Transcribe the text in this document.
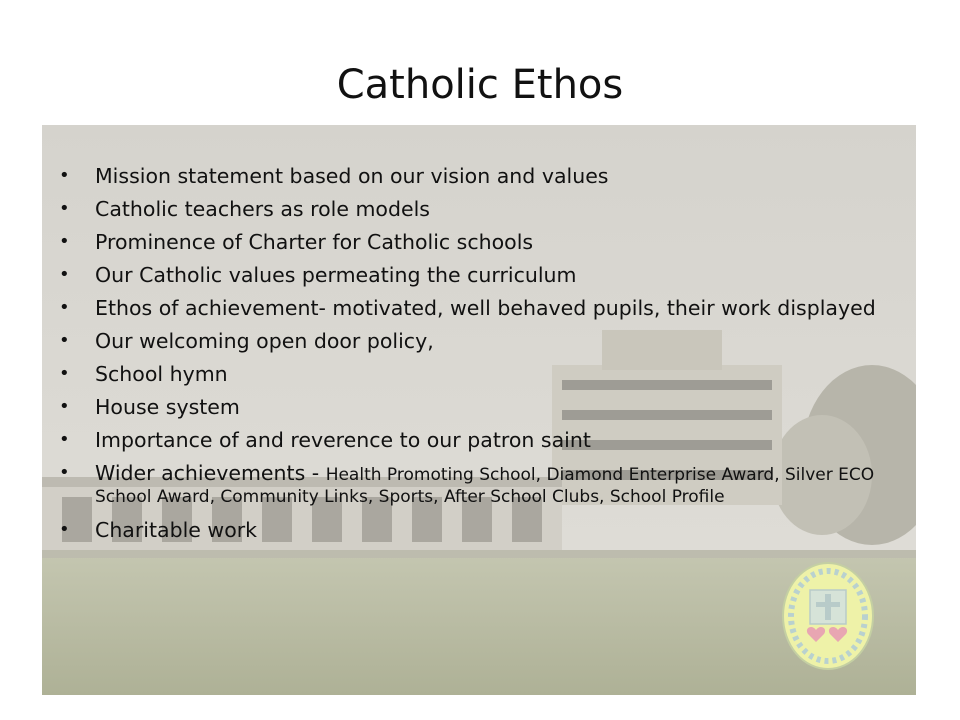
Catholic Ethos
• Mission statement based on our vision and values
• Catholic teachers as role models
• Prominence of Charter for Catholic schools
• Our Catholic values permeating the curriculum
• Ethos of achievement- motivated, well behaved pupils, their work displayed
• Our welcoming open door policy,
• School hymn
• House system
• Importance of and reverence to our patron saint
• Wider achievements - Health Promoting School, Diamond Enterprise Award, Silver ECO School Award, Community Links, Sports, After School Clubs, School Profile
• Charitable work
